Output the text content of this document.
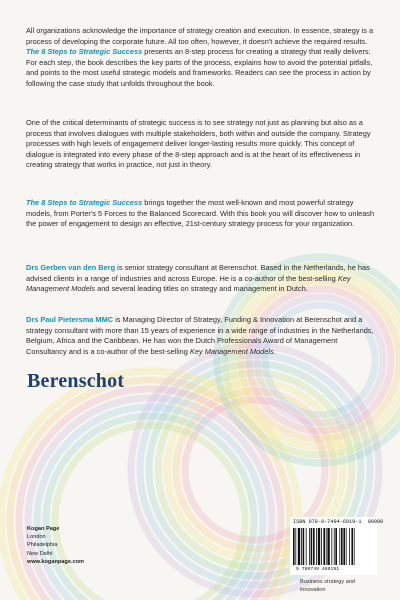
All organizations acknowledge the importance of strategy creation and execution. In essence, strategy is a process of developing the corporate future. All too often, however, it doesn't achieve the required results. The 8 Steps to Strategic Success presents an 8-step process for creating a strategy that really delivers. For each step, the book describes the key parts of the process, explains how to avoid the potential pitfalls, and points to the most useful strategic models and frameworks. Readers can see the process in action by following the case study that unfolds throughout the book.

One of the critical determinants of strategic success is to see strategy not just as planning but also as a process that involves dialogues with multiple stakeholders, both within and outside the company. Strategy processes with high levels of engagement deliver longer-lasting results more quickly. This concept of dialogue is integrated into every phase of the 8-step approach and is at the heart of its effectiveness in creating strategy that works in practice, not just in theory.

The 8 Steps to Strategic Success brings together the most well-known and most powerful strategy models, from Porter's 5 Forces to the Balanced Scorecard. With this book you will discover how to unleash the power of engagement to design an effective, 21st-century strategy process for your organization.

Drs Gerben van den Berg is senior strategy consultant at Berenschot. Based in the Netherlands, he has advised clients in a range of industries and across Europe. He is a co-author of the best-selling Key Management Models and several leading titles on strategy and management in Dutch.

Drs Paul Pietersma MMC is Managing Director of Strategy, Funding & Innovation at Berenschot and a strategy consultant with more than 15 years of experience in a wide range of industries in the Netherlands, Belgium, Africa and the Caribbean. He has won the Dutch Professionals Award of Management Consultancy and is a co-author of the best-selling Key Management Models.

Berenschot
Kogan Page
London
Philadelphia
New Delhi
www.koganpage.com
ISBN 978-0-7494-6919-1 90000
9 780749 469191
Business strategy and innovation
